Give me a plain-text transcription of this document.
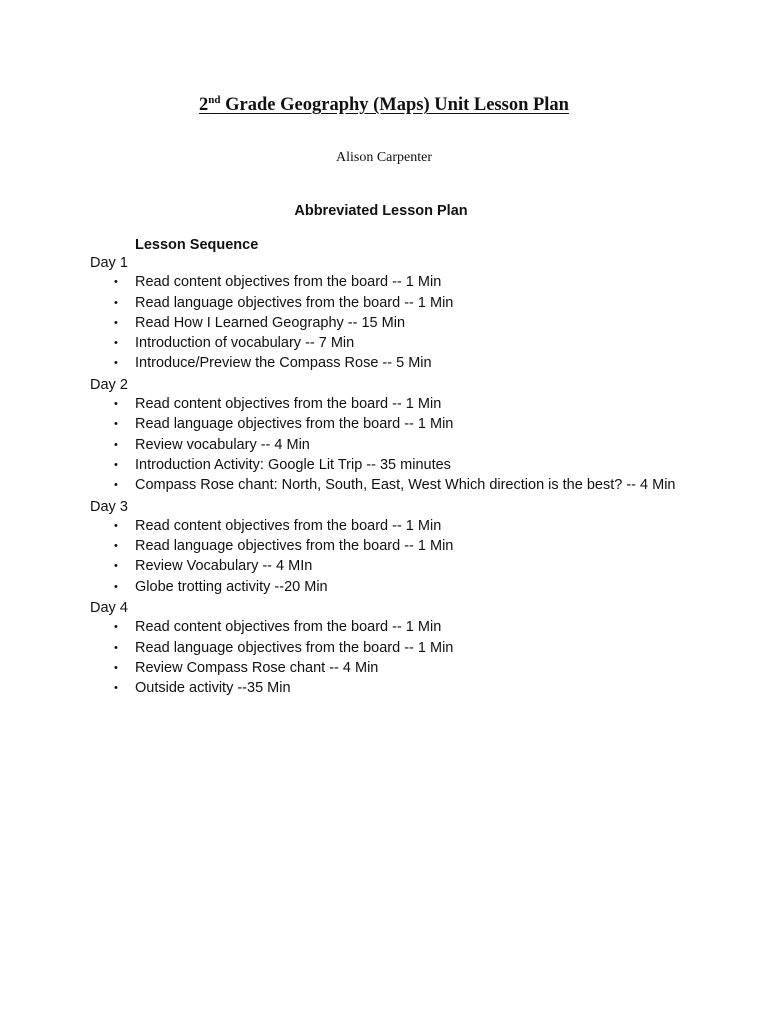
2nd Grade Geography (Maps) Unit Lesson Plan
Alison Carpenter
Abbreviated Lesson Plan
Lesson Sequence
Day 1
• Read content objectives from the board -- 1 Min
• Read language objectives from the board -- 1 Min
• Read How I Learned Geography -- 15 Min
• Introduction of vocabulary -- 7 Min
• Introduce/Preview the Compass Rose -- 5 Min
Day 2
• Read content objectives from the board -- 1 Min
• Read language objectives from the board -- 1 Min
• Review vocabulary -- 4 Min
• Introduction Activity: Google Lit Trip -- 35 minutes
• Compass Rose chant: North, South, East, West Which direction is the best? -- 4 Min
Day 3
• Read content objectives from the board -- 1 Min
• Read language objectives from the board -- 1 Min
• Review Vocabulary -- 4 MIn
• Globe trotting activity --20 Min
Day 4
• Read content objectives from the board -- 1 Min
• Read language objectives from the board -- 1 Min
• Review Compass Rose chant -- 4 Min
• Outside activity --35 Min
